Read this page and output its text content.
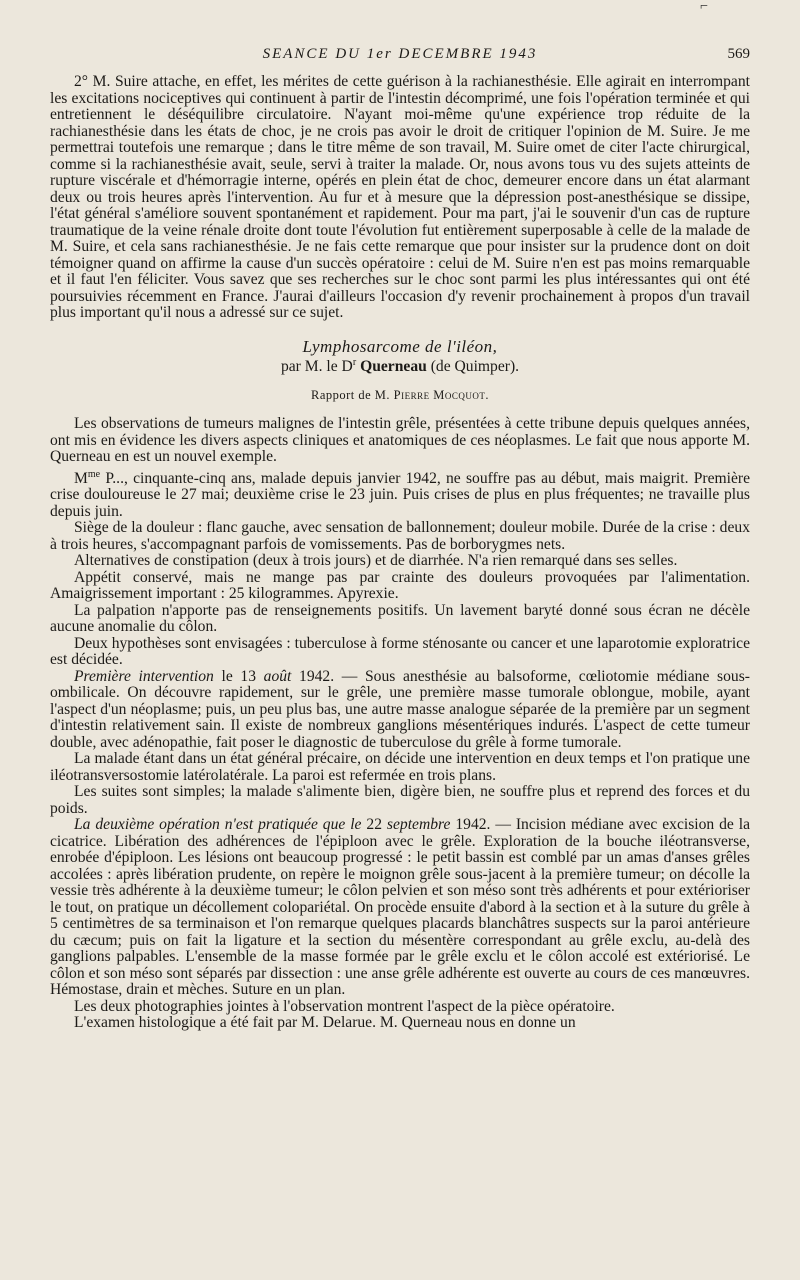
⌐
SEANCE DU 1er DECEMBRE 1943	569

2° M. Suire attache, en effet, les mérites de cette guérison à la rachianesthésie. Elle agirait en interrompant les excitations nociceptives qui continuent à partir de l'intestin décomprimé, une fois l'opération terminée et qui entretiennent le déséquilibre circulatoire. N'ayant moi-même qu'une expérience trop réduite de la rachianesthésie dans les états de choc, je ne crois pas avoir le droit de critiquer l'opinion de M. Suire. Je me permettrai toutefois une remarque ; dans le titre même de son travail, M. Suire omet de citer l'acte chirurgical, comme si la rachianesthésie avait, seule, servi à traiter la malade. Or, nous avons tous vu des sujets atteints de rupture viscérale et d'hémorragie interne, opérés en plein état de choc, demeurer encore dans un état alarmant deux ou trois heures après l'intervention. Au fur et à mesure que la dépression post-anesthésique se dissipe, l'état général s'améliore souvent spontanément et rapidement. Pour ma part, j'ai le souvenir d'un cas de rupture traumatique de la veine rénale droite dont toute l'évolution fut entièrement superposable à celle de la malade de M. Suire, et cela sans rachianesthésie. Je ne fais cette remarque que pour insister sur la prudence dont on doit témoigner quand on affirme la cause d'un succès opératoire : celui de M. Suire n'en est pas moins remarquable et il faut l'en féliciter. Vous savez que ses recherches sur le choc sont parmi les plus intéressantes qui ont été poursuivies récemment en France. J'aurai d'ailleurs l'occasion d'y revenir prochainement à propos d'un travail plus important qu'il nous a adressé sur ce sujet.

Lymphosarcome de l'iléon,

par M. le $D^r$ Querneau (de Quimper).

Rapport de M. Pierre Mocquot.

Les observations de tumeurs malignes de l'intestin grêle, présentées à cette tribune depuis quelques années, ont mis en évidence les divers aspects cliniques et anatomiques de ces néoplasmes. Le fait que nous apporte M. Querneau en est un nouvel exemple.

$M^{me}$ P..., cinquante-cinq ans, malade depuis janvier 1942, ne souffre pas au début, mais maigrit. Première crise douloureuse le 27 mai; deuxième crise le 23 juin. Puis crises de plus en plus fréquentes; ne travaille plus depuis juin.

Siège de la douleur : flanc gauche, avec sensation de ballonnement; douleur mobile. Durée de la crise : deux à trois heures, s'accompagnant parfois de vomissements. Pas de borborygmes nets.

Alternatives de constipation (deux à trois jours) et de diarrhée. N'a rien remarqué dans ses selles.

Appétit conservé, mais ne mange pas par crainte des douleurs provoquées par l'alimentation. Amaigrissement important : 25 kilogrammes. Apyrexie.

La palpation n'apporte pas de renseignements positifs. Un lavement baryté donné sous écran ne décèle aucune anomalie du côlon.

Deux hypothèses sont envisagées : tuberculose à forme sténosante ou cancer et une laparotomie exploratrice est décidée.

Première intervention le 13 août 1942. — Sous anesthésie au balsoforme, cœliotomie médiane sous-ombilicale. On découvre rapidement, sur le grêle, une première masse tumorale oblongue, mobile, ayant l'aspect d'un néoplasme; puis, un peu plus bas, une autre masse analogue séparée de la première par un segment d'intestin relativement sain. Il existe de nombreux ganglions mésentériques indurés. L'aspect de cette tumeur double, avec adénopathie, fait poser le diagnostic de tuberculose du grêle à forme tumorale.

La malade étant dans un état général précaire, on décide une intervention en deux temps et l'on pratique une iléotransversostomie latérolatérale. La paroi est refermée en trois plans.

Les suites sont simples; la malade s'alimente bien, digère bien, ne souffre plus et reprend des forces et du poids.

La deuxième opération n'est pratiquée que le 22 septembre 1942. — Incision médiane avec excision de la cicatrice. Libération des adhérences de l'épiploon avec le grêle. Exploration de la bouche iléotransverse, enrobée d'épiploon. Les lésions ont beaucoup progressé : le petit bassin est comblé par un amas d'anses grêles accolées : après libération prudente, on repère le moignon grêle sous-jacent à la première tumeur; on décolle la vessie très adhérente à la deuxième tumeur; le côlon pelvien et son méso sont très adhérents et pour extérioriser le tout, on pratique un décollement colopariétal. On procède ensuite d'abord à la section et à la suture du grêle à 5 centimètres de sa terminaison et l'on remarque quelques placards blanchâtres suspects sur la paroi antérieure du cæcum; puis on fait la ligature et la section du mésentère correspondant au grêle exclu, au-delà des ganglions palpables. L'ensemble de la masse formée par le grêle exclu et le côlon accolé est extériorisé. Le côlon et son méso sont séparés par dissection : une anse grêle adhérente est ouverte au cours de ces manœuvres. Hémostase, drain et mèches. Suture en un plan.

Les deux photographies jointes à l'observation montrent l'aspect de la pièce opératoire.

L'examen histologique a été fait par M. Delarue. M. Querneau nous en donne un
